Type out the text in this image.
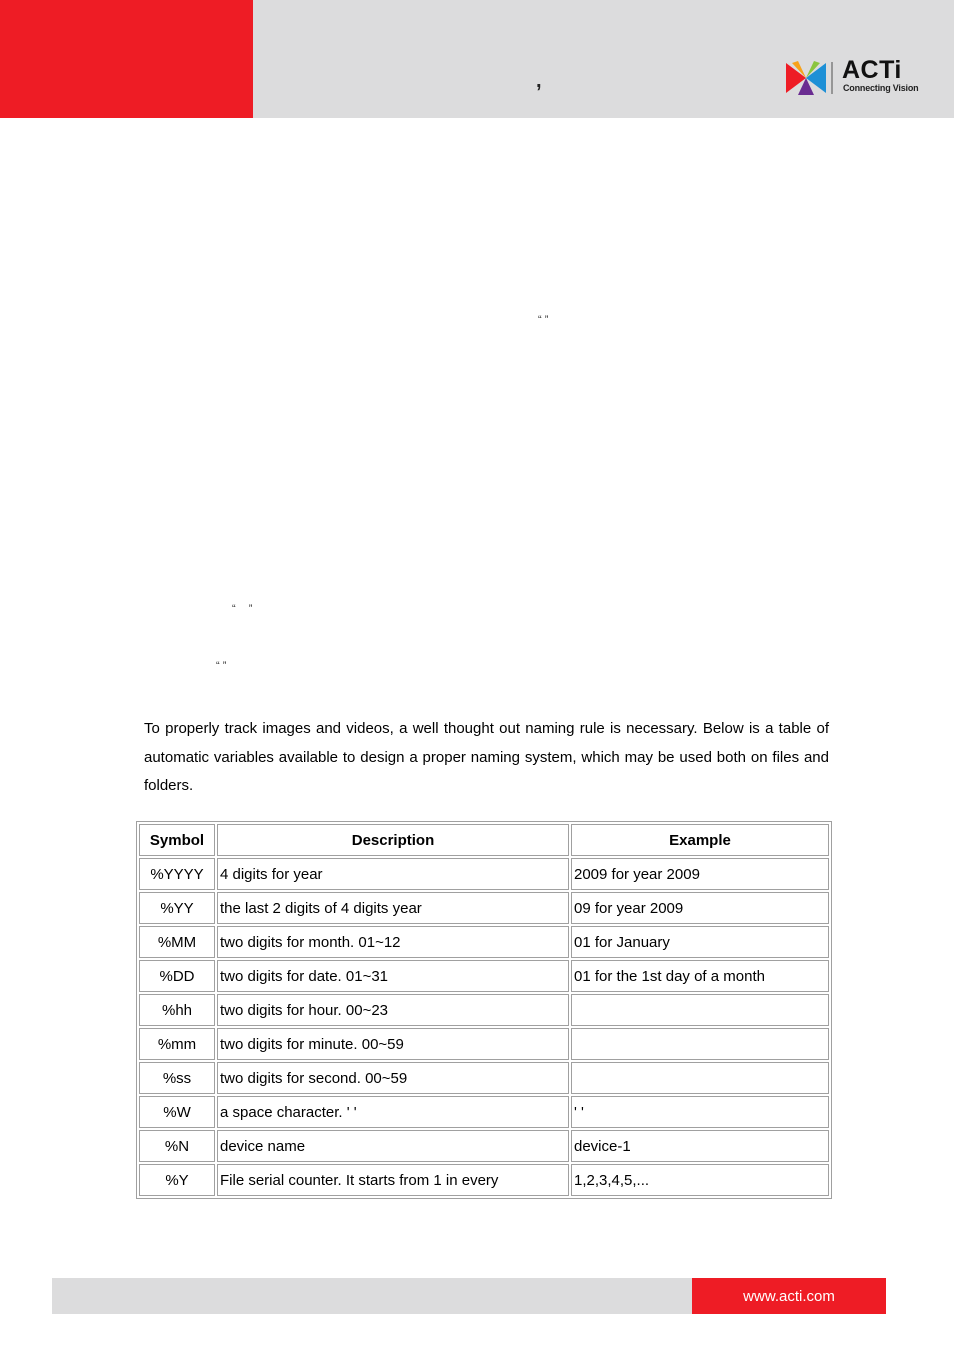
,	ACTi
Connecting Vision
“ ”
“ ”
“ ”
To properly track images and videos, a well thought out naming rule is necessary. Below is a table of automatic variables available to design a proper naming system, which may be used both on files and folders.
Symbol	Description	Example
%YYYY	4 digits for year	2009 for year 2009
%YY	the last 2 digits of 4 digits year	09 for year 2009
%MM	two digits for month. 01~12	01 for January
%DD	two digits for date. 01~31	01 for the 1st day of a month
%hh	two digits for hour. 00~23	
%mm	two digits for minute. 00~59	
%ss	two digits for second. 00~59	
%W	a space character. ' '	' '
%N	device name	device-1
%Y	File serial counter. It starts from 1 in every	1,2,3,4,5,...
www.acti.com
